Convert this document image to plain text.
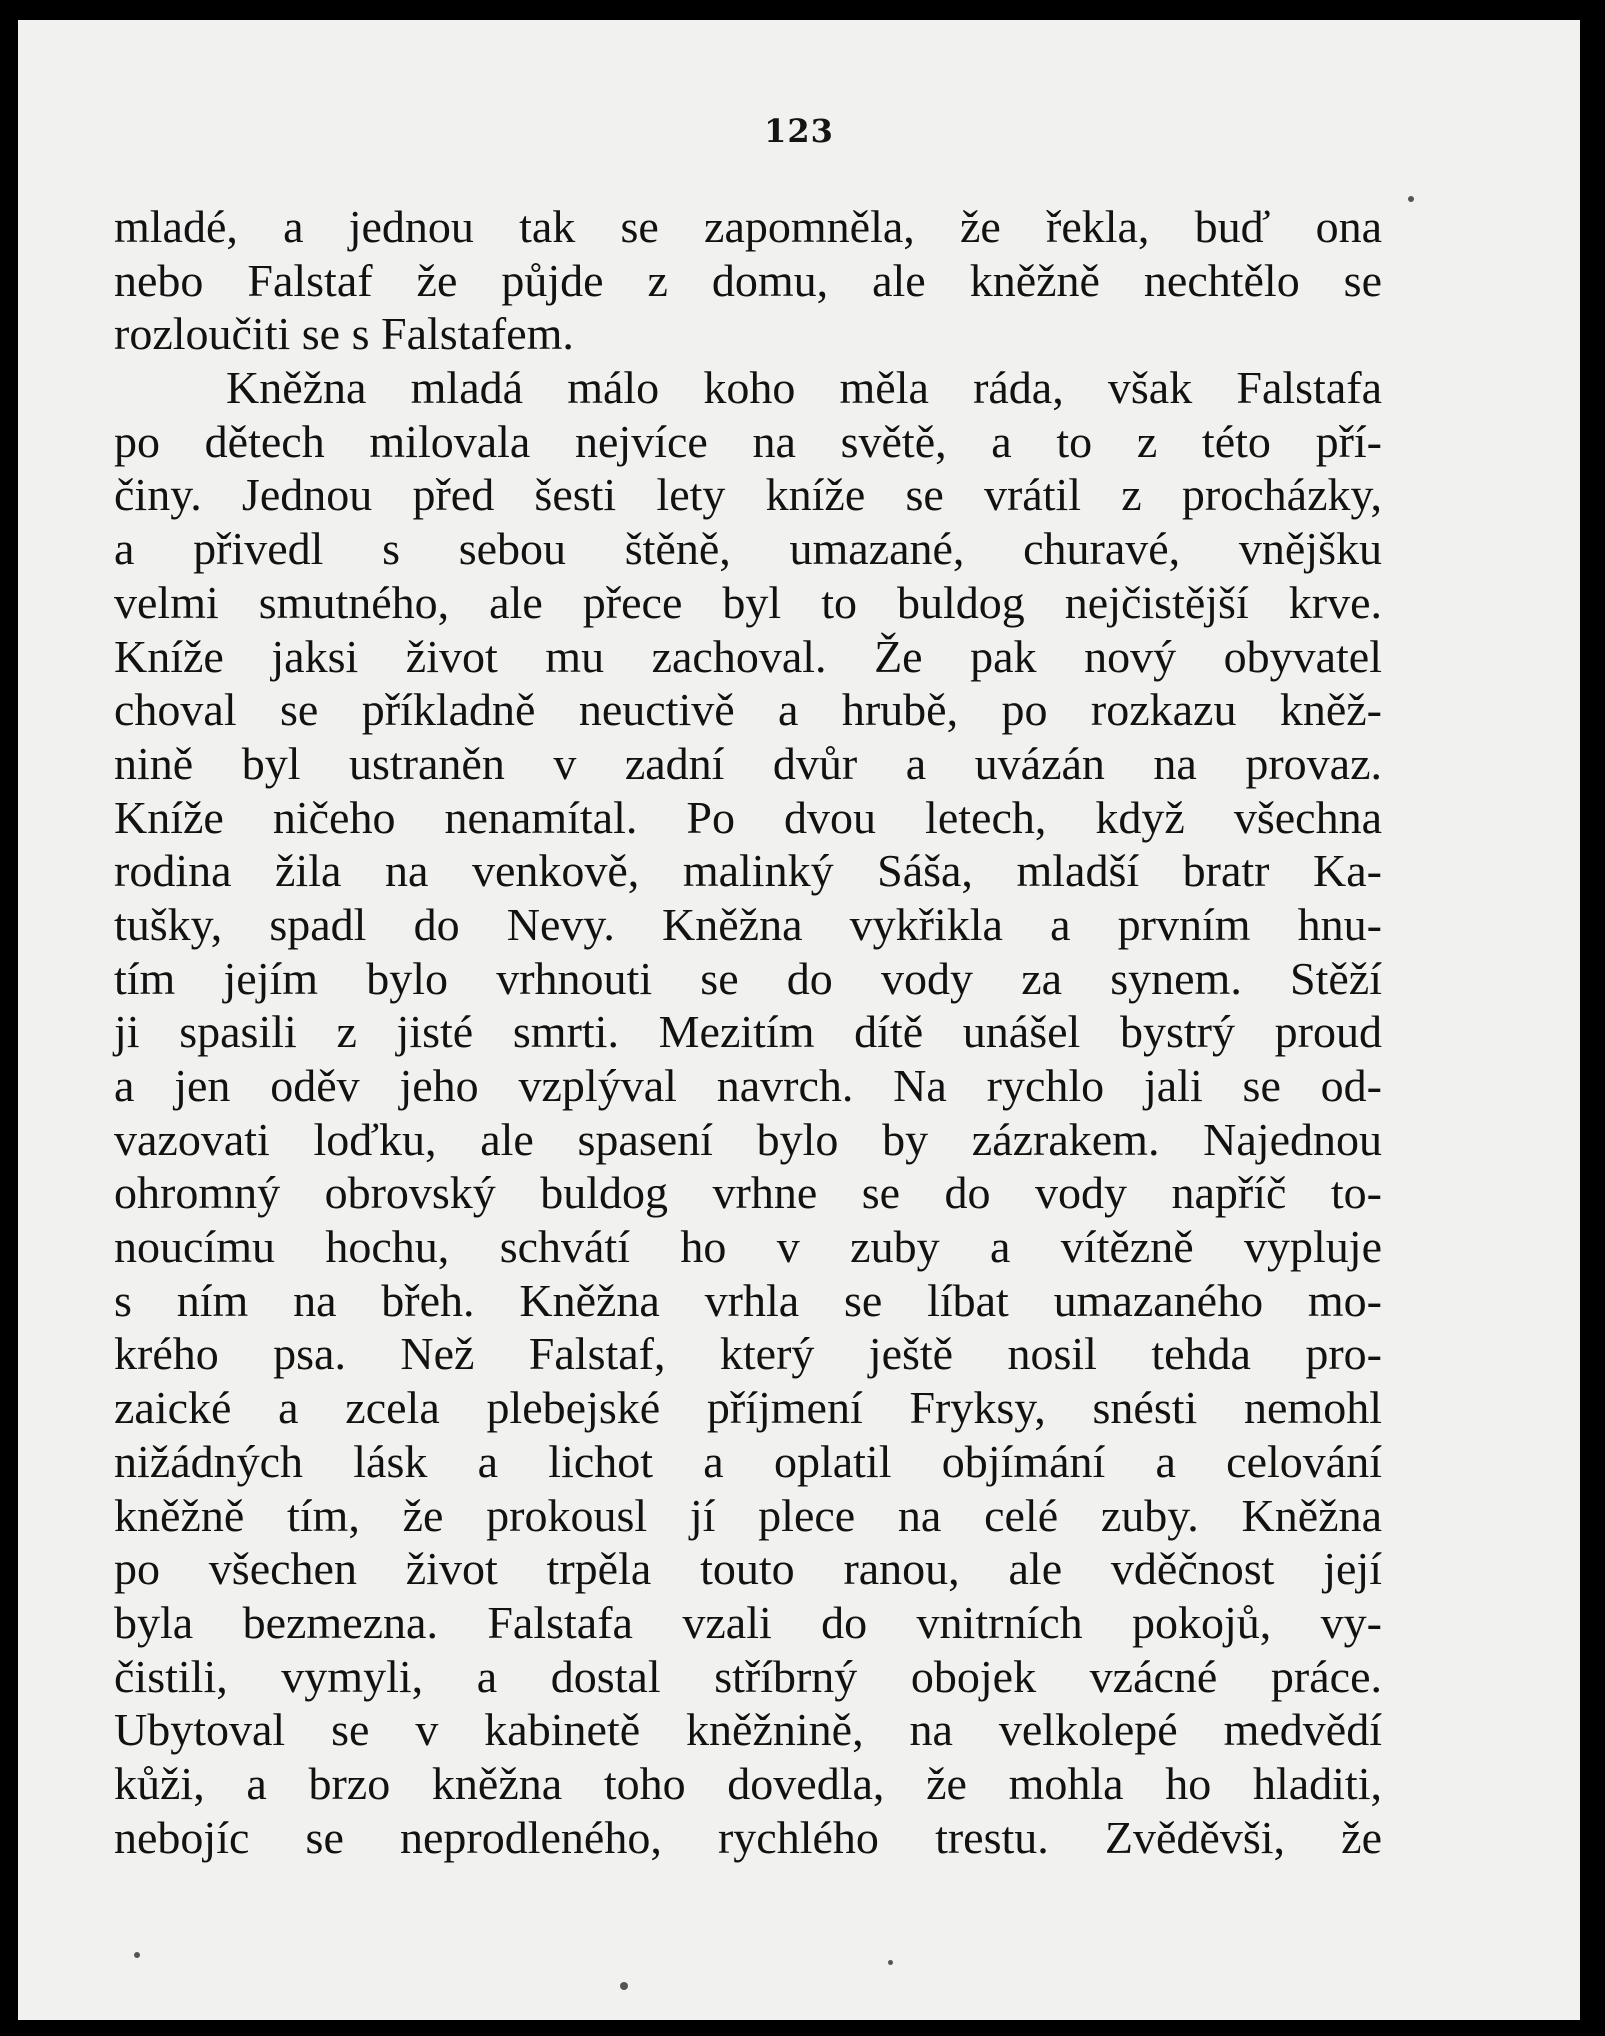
123
mladé, a jednou tak se zapomněla, že řekla, buď ona
nebo Falstaf že půjde z domu, ale kněžně nechtělo se
rozloučiti se s Falstafem.
Kněžna mladá málo koho měla ráda, však Falstafa
po dětech milovala nejvíce na světě, a to z této pří-
činy. Jednou před šesti lety kníže se vrátil z procházky,
a přivedl s sebou štěně, umazané, churavé, vnějšku
velmi smutného, ale přece byl to buldog nejčistější krve.
Kníže jaksi život mu zachoval. Že pak nový obyvatel
choval se příkladně neuctivě a hrubě, po rozkazu kněž-
nině byl ustraněn v zadní dvůr a uvázán na provaz.
Kníže ničeho nenamítal. Po dvou letech, když všechna
rodina žila na venkově, malinký Sáša, mladší bratr Ka-
tušky, spadl do Nevy. Kněžna vykřikla a prvním hnu-
tím jejím bylo vrhnouti se do vody za synem. Stěží
ji spasili z jisté smrti. Mezitím dítě unášel bystrý proud
a jen oděv jeho vzplýval navrch. Na rychlo jali se od-
vazovati loďku, ale spasení bylo by zázrakem. Najednou
ohromný obrovský buldog vrhne se do vody napříč to-
noucímu hochu, schvátí ho v zuby a vítězně vypluje
s ním na břeh. Kněžna vrhla se líbat umazaného mo-
krého psa. Než Falstaf, který ještě nosil tehda pro-
zaické a zcela plebejské příjmení Fryksy, snésti nemohl
nižádných lásk a lichot a oplatil objímání a celování
kněžně tím, že prokousl jí plece na celé zuby. Kněžna
po všechen život trpěla touto ranou, ale vděčnost její
byla bezmezna. Falstafa vzali do vnitrních pokojů, vy-
čistili, vymyli, a dostal stříbrný obojek vzácné práce.
Ubytoval se v kabinetě kněžnině, na velkolepé medvědí
kůži, a brzo kněžna toho dovedla, že mohla ho hladiti,
nebojíc se neprodleného, rychlého trestu. Zvěděvši, že
